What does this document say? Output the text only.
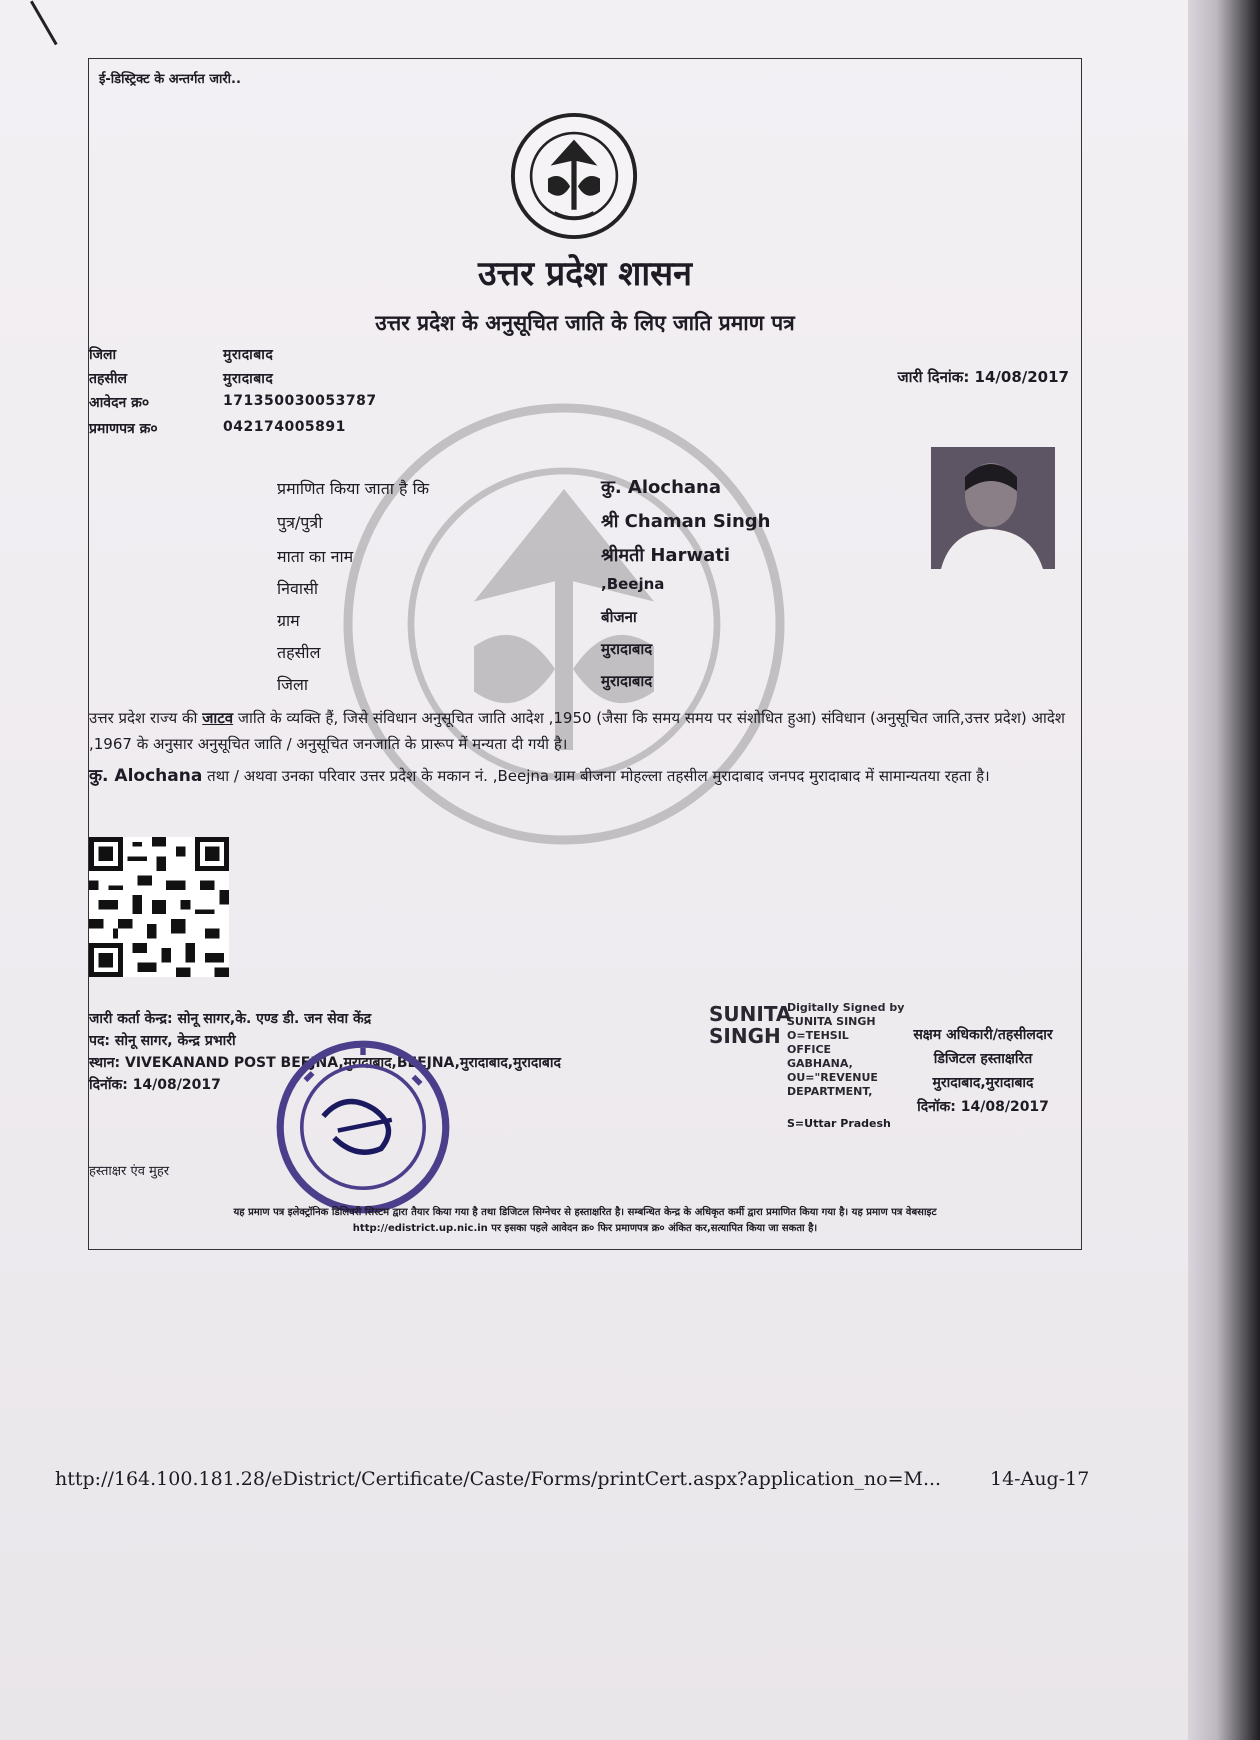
ई-डिस्ट्रिक्ट के अन्तर्गत जारी..
उत्तर प्रदेश शासन
उत्तर प्रदेश के अनुसूचित जाति के लिए जाति प्रमाण पत्र
जिला	मुरादाबाद
तहसील	मुरादाबाद
आवेदन क्र०	171350030053787
प्रमाणपत्र क्र०	042174005891
जारी दिनांक: 14/08/2017
प्रमाणित किया जाता है कि	कु. Alochana
पुत्र/पुत्री	श्री Chaman Singh
माता का नाम	श्रीमती Harwati
निवासी	,Beejna
ग्राम	बीजना
तहसील	मुरादाबाद
जिला	मुरादाबाद
उत्तर प्रदेश राज्य की जाटव जाति के व्यक्ति हैं, जिसे संविधान अनुसूचित जाति आदेश ,1950 (जैसा कि समय समय पर संशोधित हुआ) संविधान (अनुसूचित जाति,उत्तर प्रदेश) आदेश ,1967 के अनुसार अनुसूचित जाति / अनुसूचित जनजाति के प्रारूप में मन्यता दी गयी है।
कु. Alochana तथा / अथवा उनका परिवार उत्तर प्रदेश के मकान नं. ,Beejna ग्राम बीजना मोहल्ला तहसील मुरादाबाद जनपद मुरादाबाद में सामान्यतया रहता है।
जारी कर्ता केन्द्र: सोनू सागर,के. एण्ड डी. जन सेवा केंद्र
पद: सोनू सागर, केन्द्र प्रभारी
स्थान: VIVEKANAND POST BEEJNA,मुरादाबाद,BEEJNA,मुरादाबाद,मुरादाबाद
दिनॉक: 14/08/2017
SUNITA
SINGH
Digitally Signed by
SUNITA SINGH
O=TEHSIL
OFFICE
GABHANA,
OU="REVENUE
DEPARTMENT,
S=Uttar Pradesh
सक्षम अधिकारी/तहसीलदार
डिजिटल हस्ताक्षरित
मुरादाबाद,मुरादाबाद
दिनॉक: 14/08/2017
हस्ताक्षर एंव मुहर
यह प्रमाण पत्र इलेक्ट्रॉनिक डिलिवरी सिस्टम द्वारा तैयार किया गया है तथा डिजिटल सिग्नेचर से हस्ताक्षरित है। सम्बन्धित केन्द्र के अधिकृत कर्मी द्वारा प्रमाणित किया गया है। यह प्रमाण पत्र वेबसाइट
http://edistrict.up.nic.in पर इसका पहले आवेदन क्र० फिर प्रमाणपत्र क्र० अंकित कर,सत्यापित किया जा सकता है।
http://164.100.181.28/eDistrict/Certificate/Caste/Forms/printCert.aspx?application_no=M...	14-Aug-17
